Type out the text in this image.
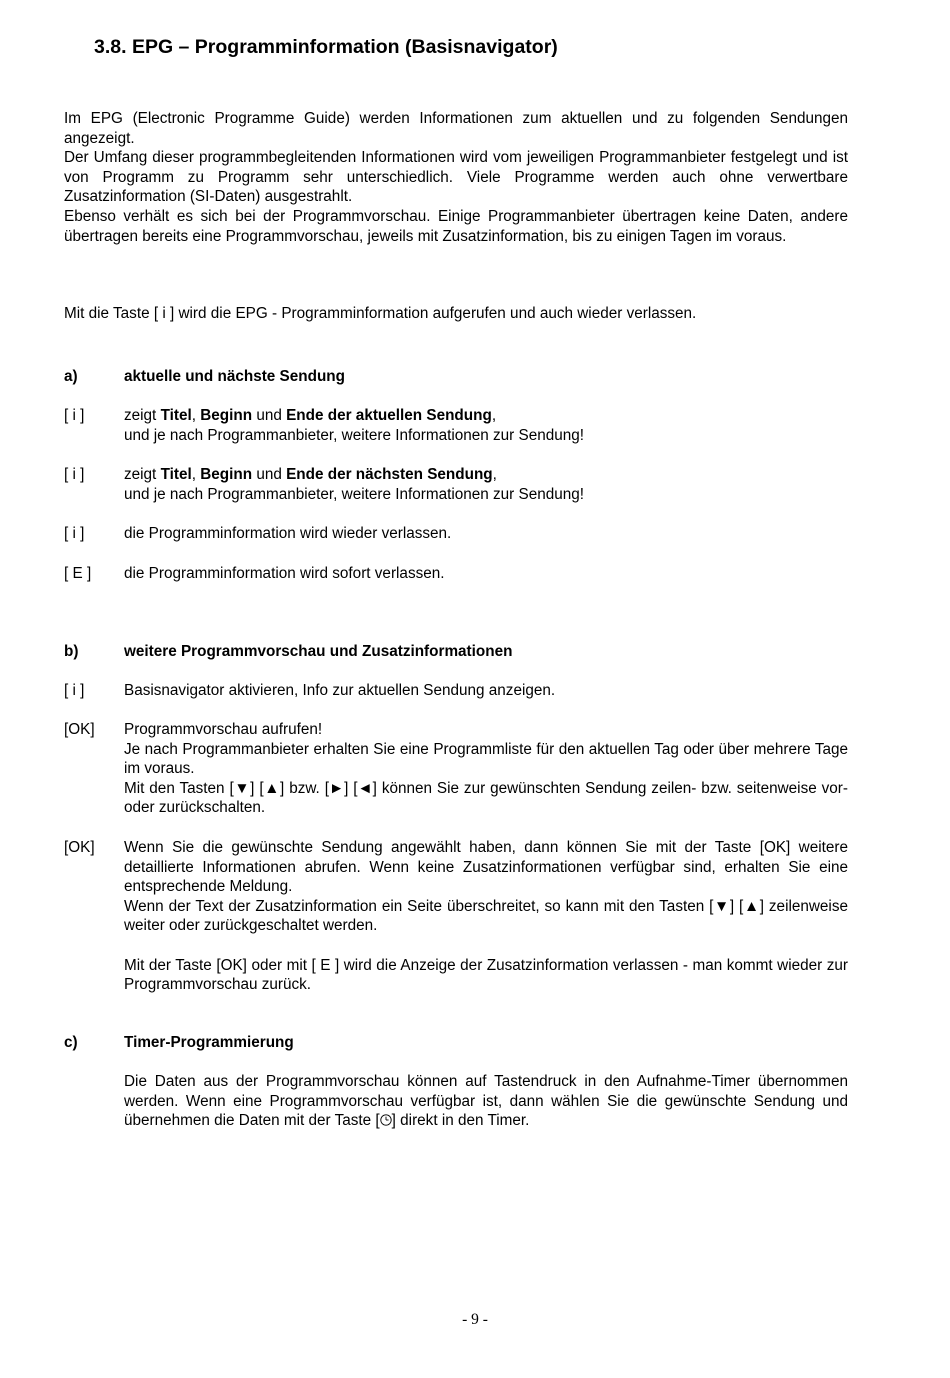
3.8. EPG – Programminformation (Basisnavigator)

Im EPG (Electronic Programme Guide) werden Informationen zum aktuellen und zu folgenden Sendungen angezeigt.

Der Umfang dieser programmbegleitenden Informationen wird vom jeweiligen Programmanbieter festgelegt und ist von Programm zu Programm sehr unterschiedlich. Viele Programme werden auch ohne verwertbare Zusatzinformation (SI-Daten) ausgestrahlt.

Ebenso verhält es sich bei der Programmvorschau. Einige Programmanbieter übertragen keine Daten, andere übertragen bereits eine Programmvorschau, jeweils mit Zusatzinformation, bis zu einigen Tagen im voraus.

Mit die Taste [ i ] wird die EPG - Programminformation aufgerufen und auch wieder verlassen.

a)	aktuelle und nächste Sendung
[ i ]	zeigt Titel, Beginn und Ende der aktuellen Sendung,
und je nach Programmanbieter, weitere Informationen zur Sendung!
[ i ]	zeigt Titel, Beginn und Ende der nächsten Sendung,
und je nach Programmanbieter, weitere Informationen zur Sendung!
[ i ]	die Programminformation wird wieder verlassen.
[ E ] die Programminformation wird sofort verlassen.
b)	weitere Programmvorschau und Zusatzinformationen
[ i ]	Basisnavigator aktivieren, Info zur aktuellen Sendung anzeigen.
[OK] Programmvorschau aufrufen!
Je nach Programmanbieter erhalten Sie eine Programmliste für den aktuellen Tag oder über mehrere Tage im voraus.
Mit den Tasten [▼] [▲] bzw. [►] [◄] können Sie zur gewünschten Sendung zeilen- bzw. seitenweise vor- oder zurückschalten.
[OK] Wenn Sie die gewünschte Sendung angewählt haben, dann können Sie mit der Taste [OK] weitere detaillierte Informationen abrufen. Wenn keine Zusatzinformationen verfügbar sind, erhalten Sie eine entsprechende Meldung.
Wenn der Text der Zusatzinformation ein Seite überschreitet, so kann mit den Tasten [▼] [▲] zeilenweise weiter oder zurückgeschaltet werden.
Mit der Taste [OK] oder mit [ E ] wird die Anzeige der Zusatzinformation verlassen - man kommt wieder zur Programmvorschau zurück.
c)	Timer-Programmierung
Die Daten aus der Programmvorschau können auf Tastendruck in den Aufnahme-Timer übernommen werden. Wenn eine Programmvorschau verfügbar ist, dann wählen Sie die gewünschte Sendung und übernehmen die Daten mit der Taste [ ] direkt in den Timer.
- 9 -
